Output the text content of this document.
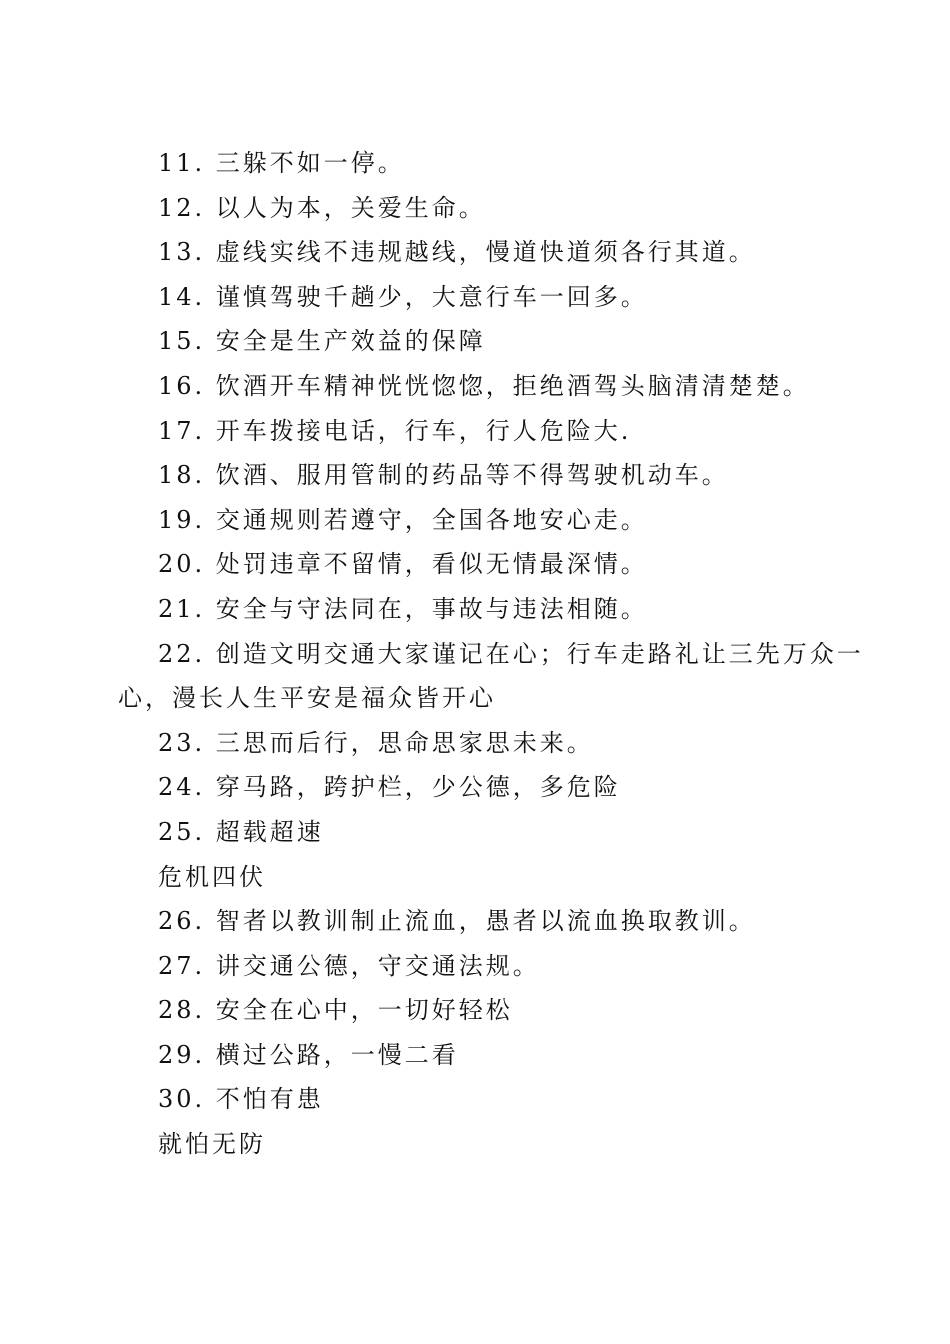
11. 三躲不如一停。
12. 以人为本，关爱生命。
13. 虚线实线不违规越线，慢道快道须各行其道。
14. 谨慎驾驶千趟少，大意行车一回多。
15. 安全是生产效益的保障
16. 饮酒开车精神恍恍惚惚，拒绝酒驾头脑清清楚楚。
17. 开车拨接电话，行车，行人危险大.
18. 饮酒、服用管制的药品等不得驾驶机动车。
19. 交通规则若遵守，全国各地安心走。
20. 处罚违章不留情，看似无情最深情。
21. 安全与守法同在，事故与违法相随。
22. 创造文明交通大家谨记在心；行车走路礼让三先万众一
心，漫长人生平安是福众皆开心
23. 三思而后行，思命思家思未来。
24. 穿马路，跨护栏，少公德，多危险
25. 超载超速
危机四伏
26. 智者以教训制止流血，愚者以流血换取教训。
27. 讲交通公德，守交通法规。
28. 安全在心中，一切好轻松
29. 横过公路，一慢二看
30. 不怕有患
就怕无防
